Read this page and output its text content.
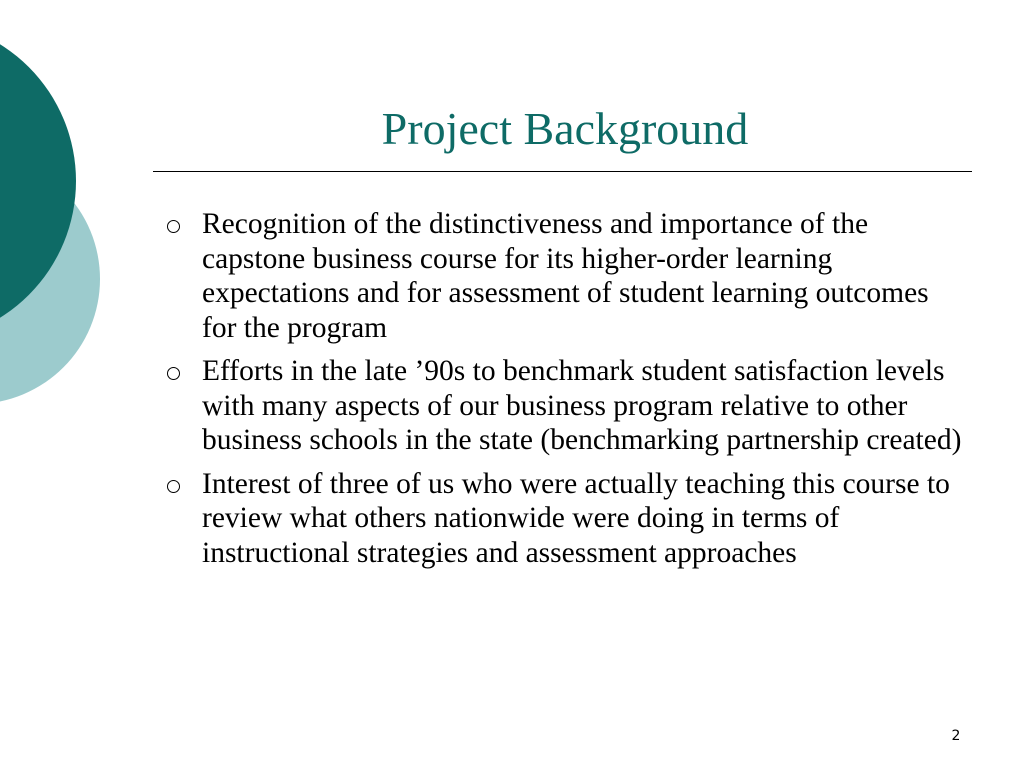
Project Background
Recognition of the distinctiveness and importance of the capstone business course for its higher-order learning expectations and for assessment of student learning outcomes for the program
Efforts in the late ’90s to benchmark student satisfaction levels with many aspects of our business program relative to other business schools in the state (benchmarking partnership created)
Interest of three of us who were actually teaching this course to review what others nationwide were doing in terms of instructional strategies and assessment approaches
2
